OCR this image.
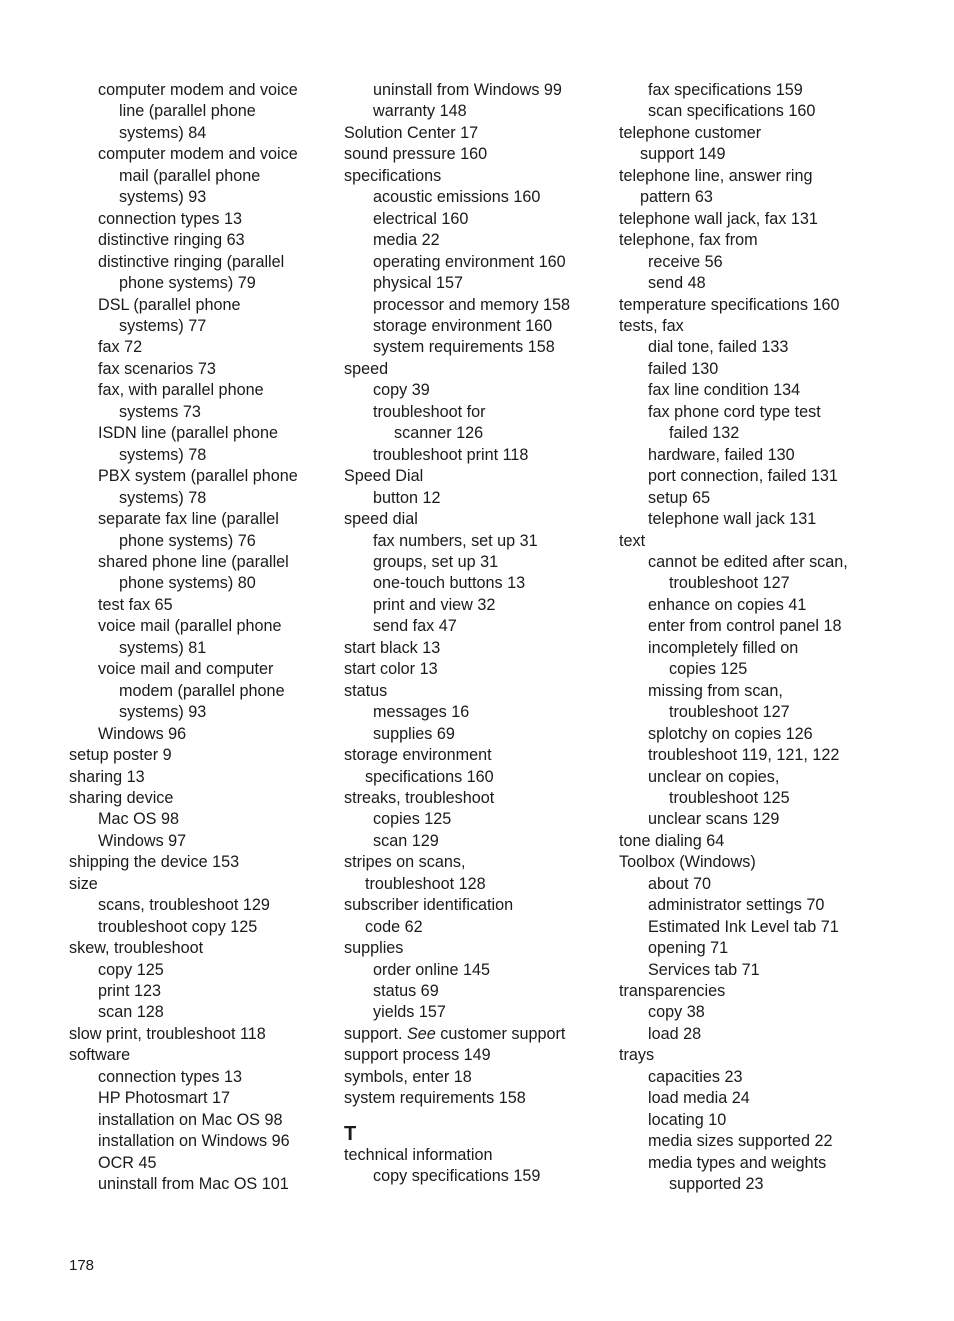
computer modem and voice

line (parallel phone

systems) 84

computer modem and voice

mail (parallel phone

systems) 93

connection types 13

distinctive ringing 63

distinctive ringing (parallel

phone systems) 79

DSL (parallel phone

systems) 77

fax 72

fax scenarios 73

fax, with parallel phone

systems 73

ISDN line (parallel phone

systems) 78

PBX system (parallel phone

systems) 78

separate fax line (parallel

phone systems) 76

shared phone line (parallel

phone systems) 80

test fax 65

voice mail (parallel phone

systems) 81

voice mail and computer

modem (parallel phone

systems) 93

Windows 96

setup poster 9

sharing 13

sharing device

Mac OS 98

Windows 97

shipping the device 153

size

scans, troubleshoot 129

troubleshoot copy 125

skew, troubleshoot

copy 125

print 123

scan 128

slow print, troubleshoot 118

software

connection types 13

HP Photosmart 17

installation on Mac OS 98

installation on Windows 96

OCR 45

uninstall from Mac OS 101

uninstall from Windows 99

warranty 148

Solution Center 17

sound pressure 160

specifications

acoustic emissions 160

electrical 160

media 22

operating environment 160

physical 157

processor and memory 158

storage environment 160

system requirements 158

speed

copy 39

troubleshoot for

scanner 126

troubleshoot print 118

Speed Dial

button 12

speed dial

fax numbers, set up 31

groups, set up 31

one-touch buttons 13

print and view 32

send fax 47

start black 13

start color 13

status

messages 16

supplies 69

storage environment

specifications 160

streaks, troubleshoot

copies 125

scan 129

stripes on scans,

troubleshoot 128

subscriber identification

code 62

supplies

order online 145

status 69

yields 157

support. See customer support

support process 149

symbols, enter 18

system requirements 158

T

technical information

copy specifications 159

fax specifications 159

scan specifications 160

telephone customer

support 149

telephone line, answer ring

pattern 63

telephone wall jack, fax 131

telephone, fax from

receive 56

send 48

temperature specifications 160

tests, fax

dial tone, failed 133

failed 130

fax line condition 134

fax phone cord type test

failed 132

hardware, failed 130

port connection, failed 131

setup 65

telephone wall jack 131

text

cannot be edited after scan,

troubleshoot 127

enhance on copies 41

enter from control panel 18

incompletely filled on

copies 125

missing from scan,

troubleshoot 127

splotchy on copies 126

troubleshoot 119, 121, 122

unclear on copies,

troubleshoot 125

unclear scans 129

tone dialing 64

Toolbox (Windows)

about 70

administrator settings 70

Estimated Ink Level tab 71

opening 71

Services tab 71

transparencies

copy 38

load 28

trays

capacities 23

load media 24

locating 10

media sizes supported 22

media types and weights

supported 23

178
